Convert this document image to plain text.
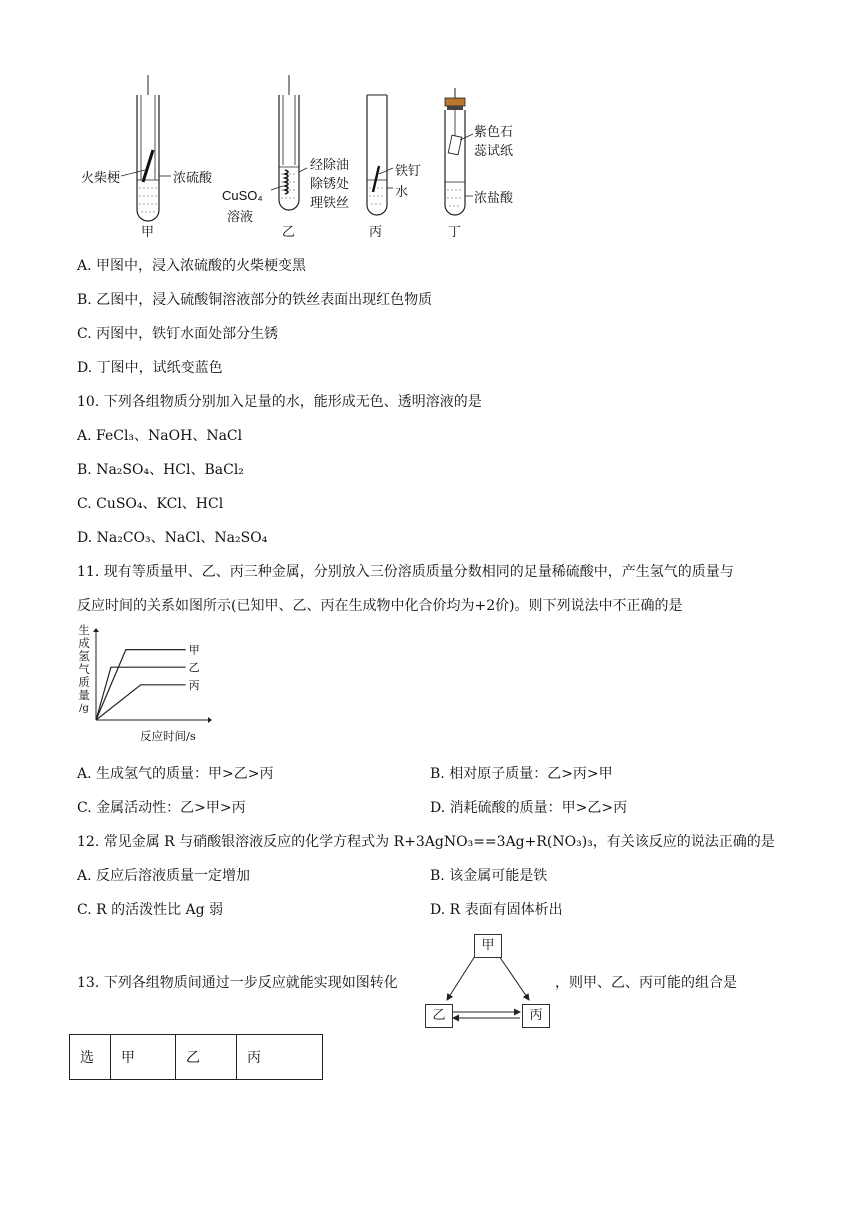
火柴梗	浓硫酸
CuSO₄
溶液
经除油
除锈处
理铁丝
铁钉
水
紫色石
蕊试纸
浓盐酸
甲	乙	丙	丁
A. 甲图中，浸入浓硫酸的火柴梗变黑
B. 乙图中，浸入硫酸铜溶液部分的铁丝表面出现红色物质
C. 丙图中，铁钉水面处部分生锈
D. 丁图中，试纸变蓝色
10. 下列各组物质分别加入足量的水，能形成无色、透明溶液的是
A. FeCl₃、NaOH、NaCl
B. Na₂SO₄、HCl、BaCl₂
C. CuSO₄、KCl、HCl
D. Na₂CO₃、NaCl、Na₂SO₄
11. 现有等质量甲、乙、丙三种金属，分别放入三份溶质质量分数相同的足量稀硫酸中，产生氢气的质量与
反应时间的关系如图所示(已知甲、乙、丙在生成物中化合价均为+2价)。则下列说法中不正确的是
生
成
氢
气
质
量
/g
甲
乙
丙
反应时间/s
A. 生成氢气的质量：甲>乙>丙	B. 相对原子质量：乙>丙>甲
C. 金属活动性：乙>甲>丙	D. 消耗硫酸的质量：甲>乙>丙
12. 常见金属 R 与硝酸银溶液反应的化学方程式为 R+3AgNO₃==3Ag+R(NO₃)₃，有关该反应的说法正确的是
A. 反应后溶液质量一定增加	B. 该金属可能是铁
C. R 的活泼性比 Ag 弱	D. R 表面有固体析出
13. 下列各组物质间通过一步反应就能实现如图转化	，则甲、乙、丙可能的组合是
甲
乙	丙
选	甲	乙	丙
